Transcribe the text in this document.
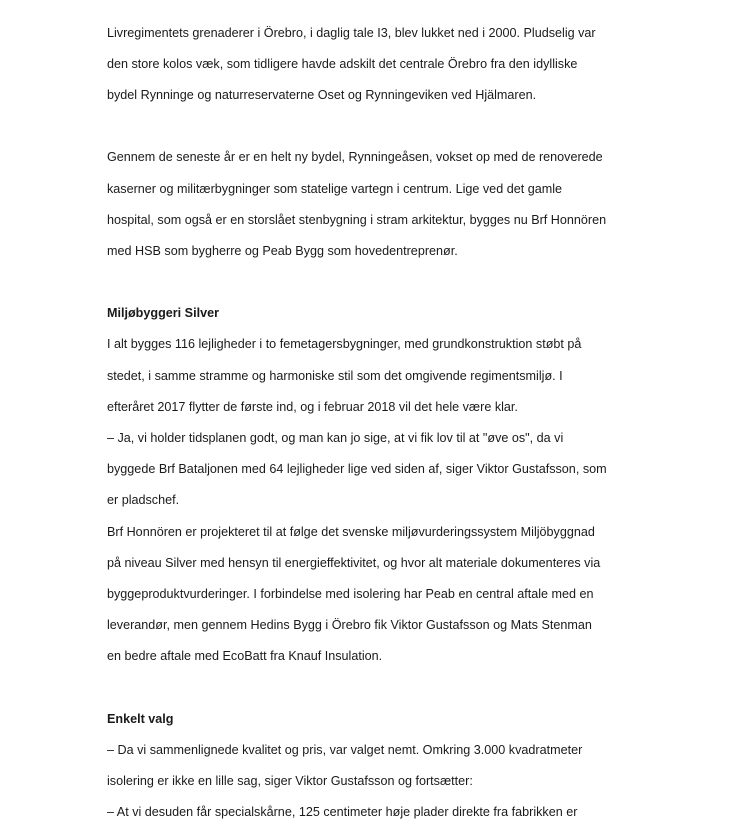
Livregimentets grenaderer i Örebro, i daglig tale I3, blev lukket ned i 2000. Pludselig var

den store kolos væk, som tidligere havde adskilt det centrale Örebro fra den idylliske

bydel Rynninge og naturreservaterne Oset og Rynningeviken ved Hjälmaren.

Gennem de seneste år er en helt ny bydel, Rynningeåsen, vokset op med de renoverede

kaserner og militærbygninger som statelige vartegn i centrum. Lige ved det gamle

hospital, som også er en storslået stenbygning i stram arkitektur, bygges nu Brf Honnören

med HSB som bygherre og Peab Bygg som hovedentreprenør.

Miljøbyggeri Silver

I alt bygges 116 lejligheder i to femetagersbygninger, med grundkonstruktion støbt på

stedet, i samme stramme og harmoniske stil som det omgivende regimentsmiljø. I

efteråret 2017 flytter de første ind, og i februar 2018 vil det hele være klar.

– Ja, vi holder tidsplanen godt, og man kan jo sige, at vi fik lov til at "øve os", da vi

byggede Brf Bataljonen med 64 lejligheder lige ved siden af, siger Viktor Gustafsson, som

er pladschef.

Brf Honnören er projekteret til at følge det svenske miljøvurderingssystem Miljöbyggnad

på niveau Silver med hensyn til energieffektivitet, og hvor alt materiale dokumenteres via

byggeproduktvurderinger. I forbindelse med isolering har Peab en central aftale med en

leverandør, men gennem Hedins Bygg i Örebro fik Viktor Gustafsson og Mats Stenman

en bedre aftale med EcoBatt fra Knauf Insulation.

Enkelt valg

– Da vi sammenlignede kvalitet og pris, var valget nemt. Omkring 3.000 kvadratmeter

isolering er ikke en lille sag, siger Viktor Gustafsson og fortsætter:

– At vi desuden får specialskårne, 125 centimeter høje plader direkte fra fabrikken er
